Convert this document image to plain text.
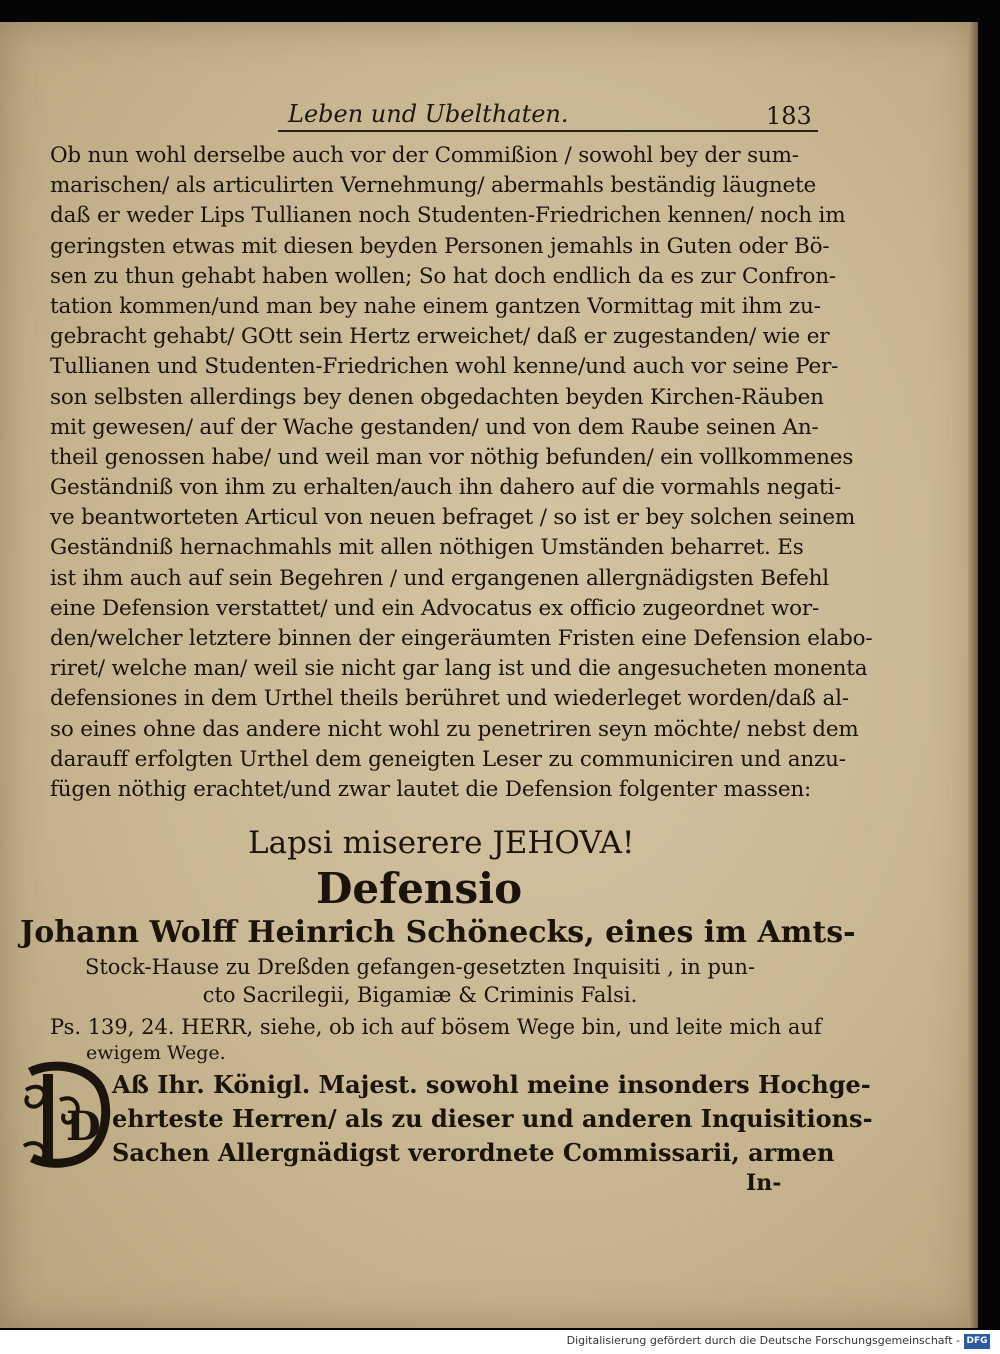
Leben und Ubelthaten.	183
Ob nun wohl derselbe auch vor der Commißion / sowohl bey der sum-
marischen/ als articulirten Vernehmung/ abermahls beständig läugnete
daß er weder Lips Tullianen noch Studenten-Friedrichen kennen/ noch im
geringsten etwas mit diesen beyden Personen jemahls in Guten oder Bö-
sen zu thun gehabt haben wollen; So hat doch endlich da es zur Confron-
tation kommen/und man bey nahe einem gantzen Vormittag mit ihm zu-
gebracht gehabt/ GOtt sein Hertz erweichet/ daß er zugestanden/ wie er
Tullianen und Studenten-Friedrichen wohl kenne/und auch vor seine Per-
son selbsten allerdings bey denen obgedachten beyden Kirchen-Räuben
mit gewesen/ auf der Wache gestanden/ und von dem Raube seinen An-
theil genossen habe/ und weil man vor nöthig befunden/ ein vollkommenes
Geständniß von ihm zu erhalten/auch ihn dahero auf die vormahls negati-
ve beantworteten Articul von neuen befraget / so ist er bey solchen seinem
Geständniß hernachmahls mit allen nöthigen Umständen beharret. Es
ist ihm auch auf sein Begehren / und ergangenen allergnädigsten Befehl
eine Defension verstattet/ und ein Advocatus ex officio zugeordnet wor-
den/welcher letztere binnen der eingeräumten Fristen eine Defension elabo-
riret/ welche man/ weil sie nicht gar lang ist und die angesucheten monenta
defensiones in dem Urthel theils berühret und wiederleget worden/daß al-
so eines ohne das andere nicht wohl zu penetriren seyn möchte/ nebst dem
darauff erfolgten Urthel dem geneigten Leser zu communiciren und anzu-
fügen nöthig erachtet/und zwar lautet die Defension folgenter massen:
Lapsi miserere JEHOVA!
Defensio
Johann Wolff Heinrich Schönecks, eines im Amts-
Stock-Hause zu Dreßden gefangen-gesetzten Inquisiti , in pun-
cto Sacrilegii, Bigamiæ & Criminis Falsi.
Ps. 139, 24. HERR, siehe, ob ich auf bösem Wege bin, und leite mich auf
ewigem Wege.
D
Aß Ihr. Königl. Majest. sowohl meine insonders Hochge-
ehrteste Herren/ als zu dieser und anderen Inquisitions-
Sachen Allergnädigst verordnete Commissarii, armen
In-
Digitalisierung gefördert durch die Deutsche Forschungsgemeinschaft - DFG
